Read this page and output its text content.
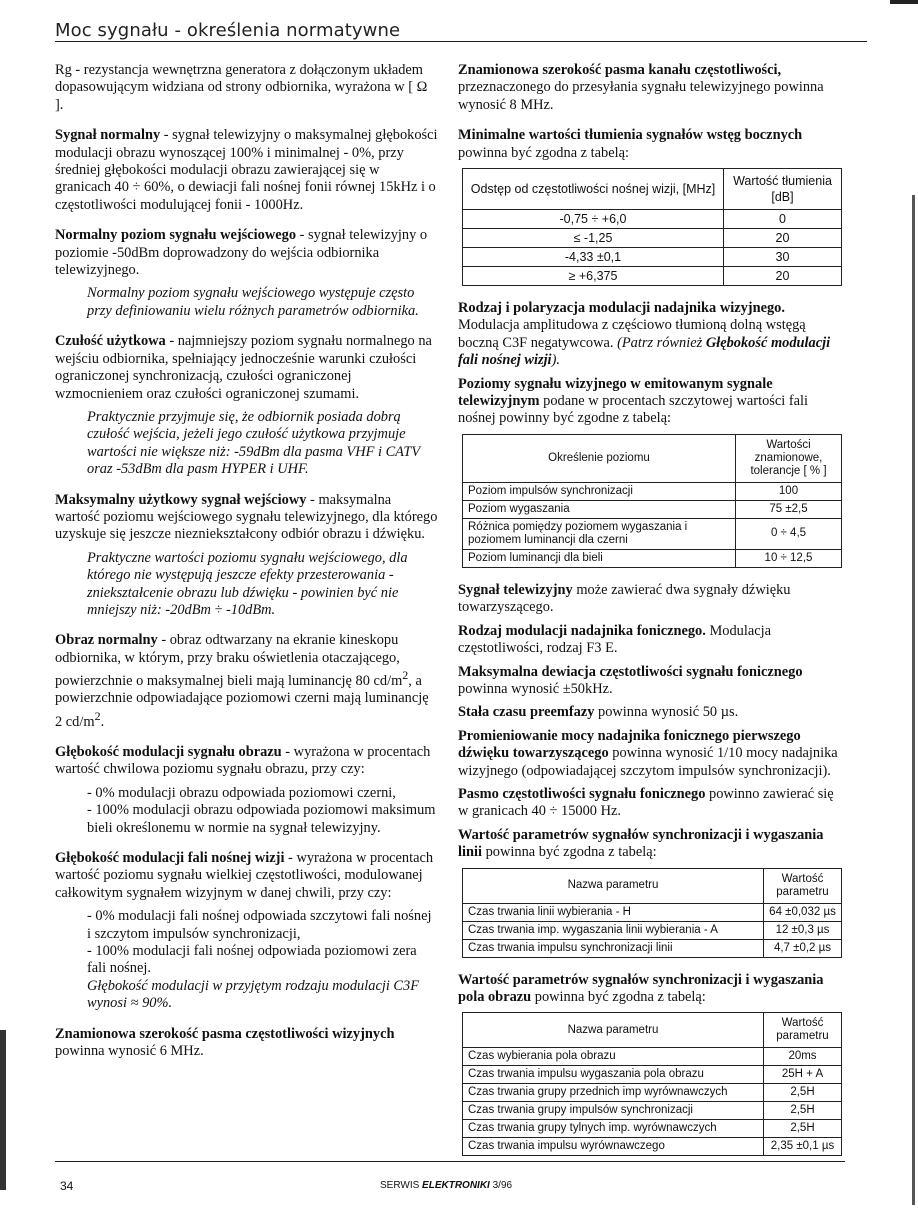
Moc sygnału - określenia normatywne

Rg - rezystancja wewnętrzna generatora z dołączonym układem dopasowującym widziana od strony odbiornika, wyrażona w [ Ω ].

Sygnał normalny - sygnał telewizyjny o maksymalnej głębokości modulacji obrazu wynoszącej 100% i minimalnej - 0%, przy średniej głębokości modulacji obrazu zawierającej się w granicach 40 ÷ 60%, o dewiacji fali nośnej fonii równej 15kHz i o częstotliwości modulującej fonii - 1000Hz.

Normalny poziom sygnału wejściowego - sygnał telewizyjny o poziomie -50dBm doprowadzony do wejścia odbiornika telewizyjnego.

Normalny poziom sygnału wejściowego występuje często przy definiowaniu wielu różnych parametrów odbiornika.

Czułość użytkowa - najmniejszy poziom sygnału normalnego na wejściu odbiornika, spełniający jednocześnie warunki czułości ograniczonej synchronizacją, czułości ograniczonej wzmocnieniem oraz czułości ograniczonej szumami.

Praktycznie przyjmuje się, że odbiornik posiada dobrą czułość wejścia, jeżeli jego czułość użytkowa przyjmuje wartości nie większe niż: -59dBm dla pasma VHF i CATV oraz -53dBm dla pasm HYPER i UHF.

Maksymalny użytkowy sygnał wejściowy - maksymalna wartość poziomu wejściowego sygnału telewizyjnego, dla którego uzyskuje się jeszcze niezniekształcony odbiór obrazu i dźwięku.

Praktyczne wartości poziomu sygnału wejściowego, dla którego nie występują jeszcze efekty przesterowania - zniekształcenie obrazu lub dźwięku - powinien być nie mniejszy niż: -20dBm ÷ -10dBm.

Obraz normalny - obraz odtwarzany na ekranie kineskopu odbiornika, w którym, przy braku oświetlenia otaczającego, powierzchnie o maksymalnej bieli mają luminancję 80 $cd/m^2$, a powierzchnie odpowiadające poziomowi czerni mają luminancję 2 $cd/m^2$.

Głębokość modulacji sygnału obrazu - wyrażona w procentach wartość chwilowa poziomu sygnału obrazu, przy czy:

- 0% modulacji obrazu odpowiada poziomowi czerni,

- 100% modulacji obrazu odpowiada poziomowi maksimum bieli określonemu w normie na sygnał telewizyjny.

Głębokość modulacji fali nośnej wizji - wyrażona w procentach wartość poziomu sygnału wielkiej częstotliwości, modulowanej całkowitym sygnałem wizyjnym w danej chwili, przy czy:

- 0% modulacji fali nośnej odpowiada szczytowi fali nośnej i szczytom impulsów synchronizacji,
- 100% modulacji fali nośnej odpowiada poziomowi zera fali nośnej.

Głębokość modulacji w przyjętym rodzaju modulacji C3F wynosi ≈ 90%.

Znamionowa szerokość pasma częstotliwości wizyjnych powinna wynosić 6 MHz.

Znamionowa szerokość pasma kanału częstotliwości, przeznaczonego do przesyłania sygnału telewizyjnego powinna wynosić 8 MHz.

Minimalne wartości tłumienia sygnałów wstęg bocznych powinna być zgodna z tabelą:

Odstęp od częstotliwości nośnej wizji, [MHz]	Wartość tłumienia [dB]
-0,75 ÷ +6,0	0
≤ -1,25	20
-4,33 ±0,1	30
≥ +6,375	20

Rodzaj i polaryzacja modulacji nadajnika wizyjnego. Modulacja amplitudowa z częściowo tłumioną dolną wstęgą boczną C3F negatywcowa. (Patrz również Głębokość modulacji fali nośnej wizji).

Poziomy sygnału wizyjnego w emitowanym sygnale telewizyjnym podane w procentach szczytowej wartości fali nośnej powinny być zgodne z tabelą:

Określenie poziomu	Wartości znamionowe, tolerancje [ % ]
Poziom impulsów synchronizacji	100
Poziom wygaszania	75 ±2,5
Różnica pomiędzy poziomem wygaszania i poziomem luminancji dla czerni	0 ÷ 4,5
Poziom luminancji dla bieli	10 ÷ 12,5

Sygnał telewizyjny może zawierać dwa sygnały dźwięku towarzyszącego.

Rodzaj modulacji nadajnika fonicznego. Modulacja częstotliwości, rodzaj F3 E.

Maksymalna dewiacja częstotliwości sygnału fonicznego powinna wynosić ±50kHz.

Stała czasu preemfazy powinna wynosić 50 µs.

Promieniowanie mocy nadajnika fonicznego pierwszego dźwięku towarzyszącego powinna wynosić 1/10 mocy nadajnika wizyjnego (odpowiadającej szczytom impulsów synchronizacji).

Pasmo częstotliwości sygnału fonicznego powinno zawierać się w granicach 40 ÷ 15000 Hz.

Wartość parametrów sygnałów synchronizacji i wygaszania linii powinna być zgodna z tabelą:

Nazwa parametru	Wartość parametru
Czas trwania linii wybierania - H	64 ±0,032 µs
Czas trwania imp. wygaszania linii wybierania - A	12 ±0,3 µs
Czas trwania impulsu synchronizacji linii	4,7 ±0,2 µs

Wartość parametrów sygnałów synchronizacji i wygaszania pola obrazu powinna być zgodna z tabelą:

Nazwa parametru	Wartość parametru
Czas wybierania pola obrazu	20ms
Czas trwania impulsu wygaszania pola obrazu	25H + A
Czas trwania grupy przednich imp wyrównawczych	2,5H
Czas trwania grupy impulsów synchronizacji	2,5H
Czas trwania grupy tylnych imp. wyrównawczych	2,5H
Czas trwania impulsu wyrównawczego	2,35 ±0,1 µs
34	SERWIS ELEKTRONIKI 3/96
